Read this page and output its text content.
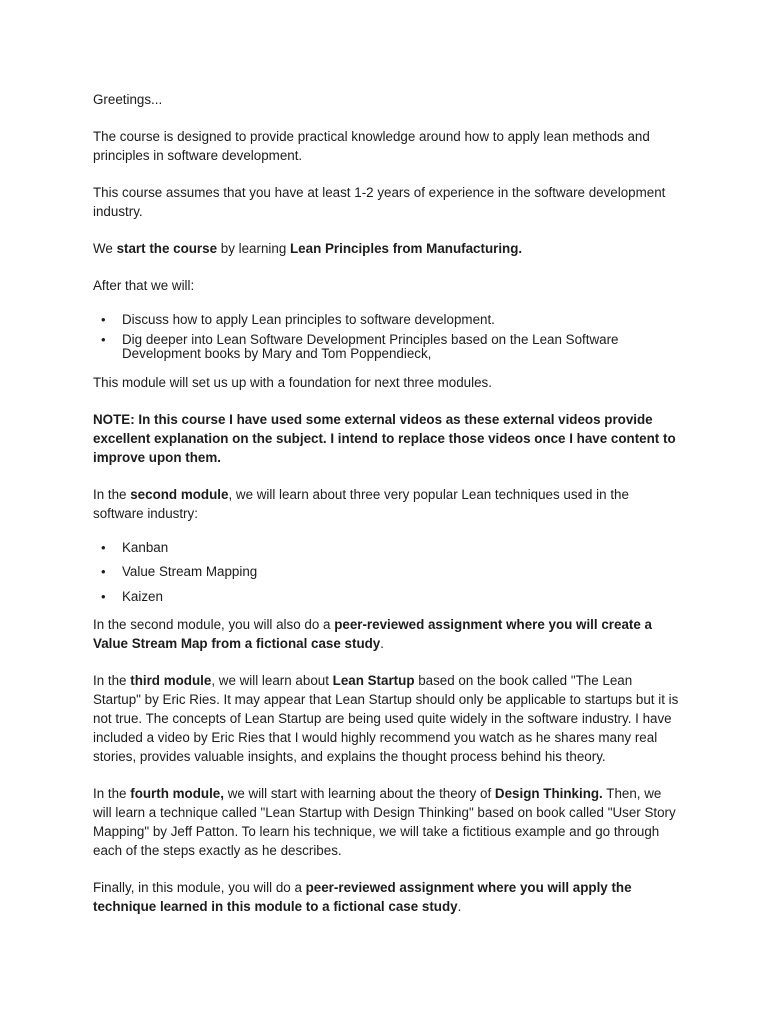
Greetings...

The course is designed to provide practical knowledge around how to apply lean methods and principles in software development.

This course assumes that you have at least 1-2 years of experience in the software development industry.

We start the course by learning Lean Principles from Manufacturing.

After that we will:

• Discuss how to apply Lean principles to software development.
• Dig deeper into Lean Software Development Principles based on the Lean Software Development books by Mary and Tom Poppendieck,

This module will set us up with a foundation for next three modules.

NOTE: In this course I have used some external videos as these external videos provide excellent explanation on the subject. I intend to replace those videos once I have content to improve upon them.

In the second module, we will learn about three very popular Lean techniques used in the software industry:

• Kanban
• Value Stream Mapping
• Kaizen

In the second module, you will also do a peer-reviewed assignment where you will create a Value Stream Map from a fictional case study.

In the third module, we will learn about Lean Startup based on the book called "The Lean Startup" by Eric Ries. It may appear that Lean Startup should only be applicable to startups but it is not true. The concepts of Lean Startup are being used quite widely in the software industry. I have included a video by Eric Ries that I would highly recommend you watch as he shares many real stories, provides valuable insights, and explains the thought process behind his theory.

In the fourth module, we will start with learning about the theory of Design Thinking. Then, we will learn a technique called "Lean Startup with Design Thinking" based on book called "User Story Mapping" by Jeff Patton. To learn his technique, we will take a fictitious example and go through each of the steps exactly as he describes.

Finally, in this module, you will do a peer-reviewed assignment where you will apply the technique learned in this module to a fictional case study.
